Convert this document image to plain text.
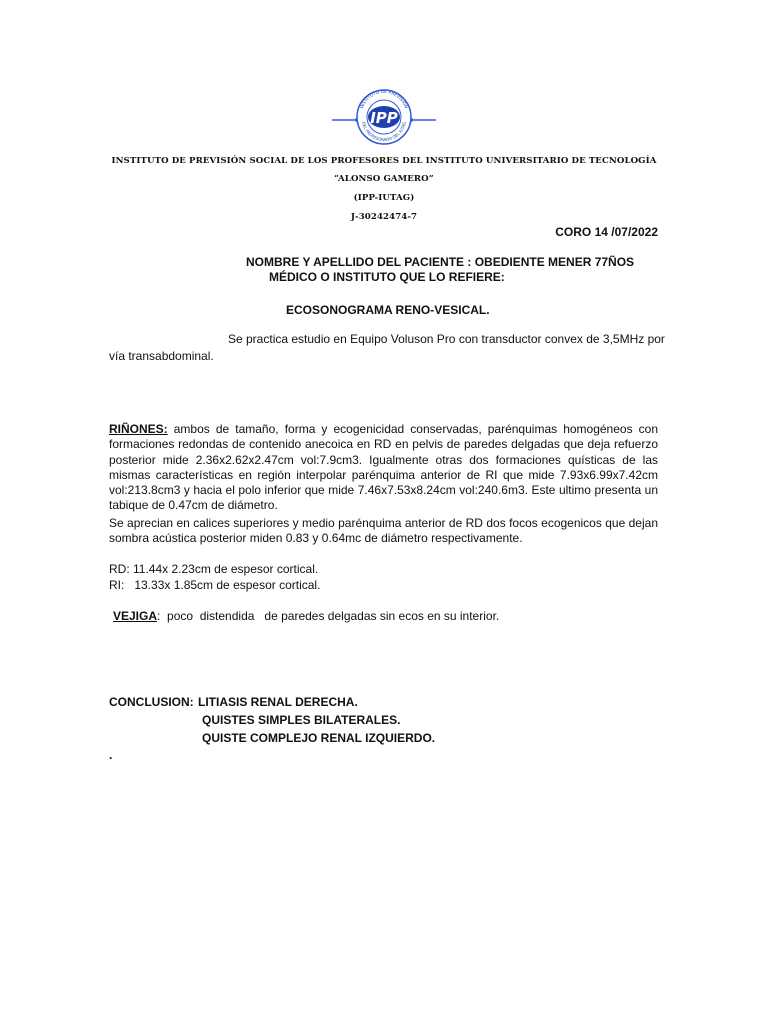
IPP
INSTITUTO DE PREVISIÓN
DEL PROFESORADO DEL IUTAG
INSTITUTO DE PREVISIÓN SOCIAL DE LOS PROFESORES DEL INSTITUTO UNIVERSITARIO DE TECNOLOGÍA
“ALONSO GAMERO”
(IPP-IUTAG)
J-30242474-7
CORO 14 /07/2022
NOMBRE Y APELLIDO DEL PACIENTE : OBEDIENTE MENER 77ÑOS
MÉDICO O INSTITUTO QUE LO REFIERE:
ECOSONOGRAMA RENO-VESICAL.
Se practica estudio en Equipo Voluson Pro con transductor convex de 3,5MHz por
vía transabdominal.
RIÑONES: ambos de tamaño, forma y ecogenicidad conservadas, parénquimas homogéneos con formaciones redondas de contenido anecoica en RD en pelvis de paredes delgadas que deja refuerzo posterior mide 2.36x2.62x2.47cm vol:7.9cm3. Igualmente otras dos formaciones quísticas de las mismas características en región interpolar parénquima anterior de RI que mide 7.93x6.99x7.42cm vol:213.8cm3 y hacia el polo inferior que mide 7.46x7.53x8.24cm vol:240.6m3. Este ultimo presenta un tabique de 0.47cm de diámetro.
Se aprecian en calices superiores y medio parénquima anterior de RD dos focos ecogenicos que dejan sombra acústica posterior miden 0.83 y 0.64mc de diámetro respectivamente.
RD: 11.44x 2.23cm de espesor cortical.
RI:   13.33x 1.85cm de espesor cortical.
VEJIGA:  poco  distendida   de paredes delgadas sin ecos en su interior.
CONCLUSION: LITIASIS RENAL DERECHA.
QUISTES SIMPLES BILATERALES.
QUISTE COMPLEJO RENAL IZQUIERDO.
.
